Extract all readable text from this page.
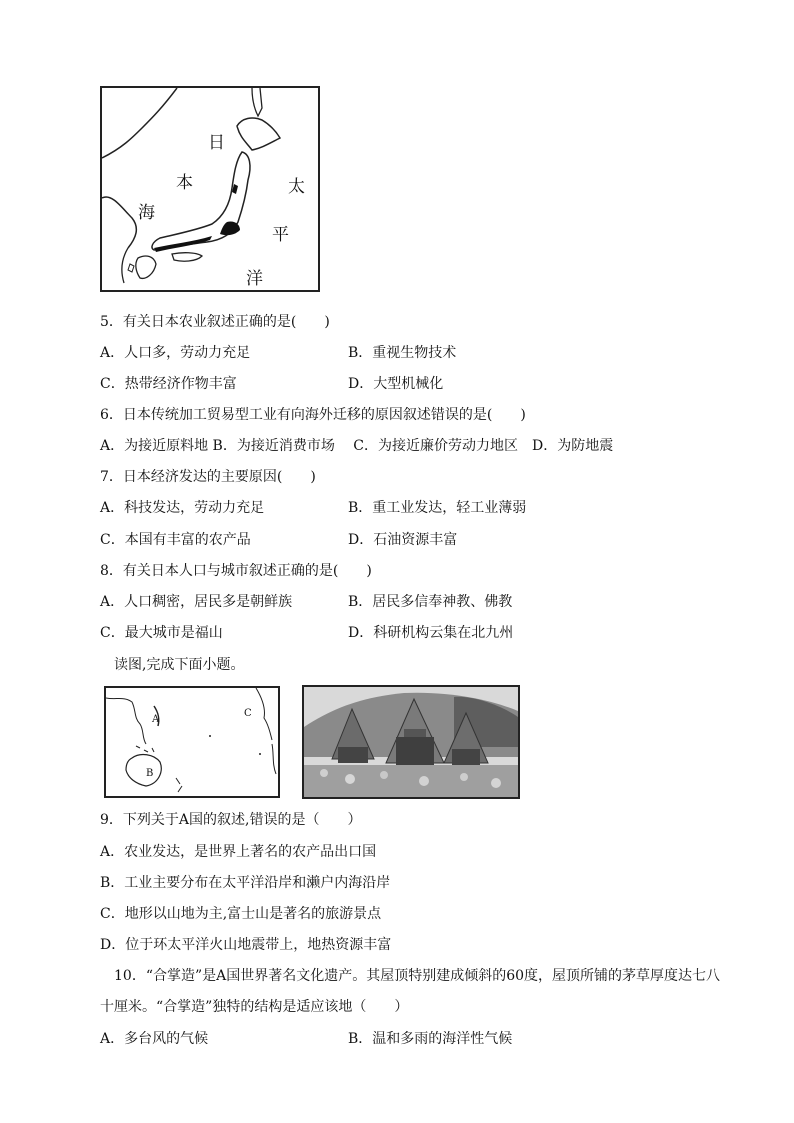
日
本
海
太
平
洋
5．有关日本农业叙述正确的是(　　)
A．人口多，劳动力充足	B．重视生物技术
C．热带经济作物丰富	D．大型机械化
6．日本传统加工贸易型工业有向海外迁移的原因叙述错误的是(　　)
A．为接近原料地 B．为接近消费市场　 C．为接近廉价劳动力地区　D．为防地震
7．日本经济发达的主要原因(　　)
A．科技发达，劳动力充足	B．重工业发达，轻工业薄弱
C．本国有丰富的农产品	D．石油资源丰富
8．有关日本人口与城市叙述正确的是(　　)
A．人口稠密，居民多是朝鲜族	B．居民多信奉神教、佛教
C．最大城市是福山	D．科研机构云集在北九州
读图,完成下面小题。
A
B
C
9．下列关于A国的叙述,错误的是（　　）
A．农业发达，是世界上著名的农产品出口国
B．工业主要分布在太平洋沿岸和濑户内海沿岸
C．地形以山地为主,富士山是著名的旅游景点
D．位于环太平洋火山地震带上，地热资源丰富
10．“合掌造”是A国世界著名文化遗产。其屋顶特别建成倾斜的60度，屋顶所铺的茅草厚度达七八
十厘米。“合掌造”独特的结构是适应该地（　　）
A．多台风的气候	B．温和多雨的海洋性气候
